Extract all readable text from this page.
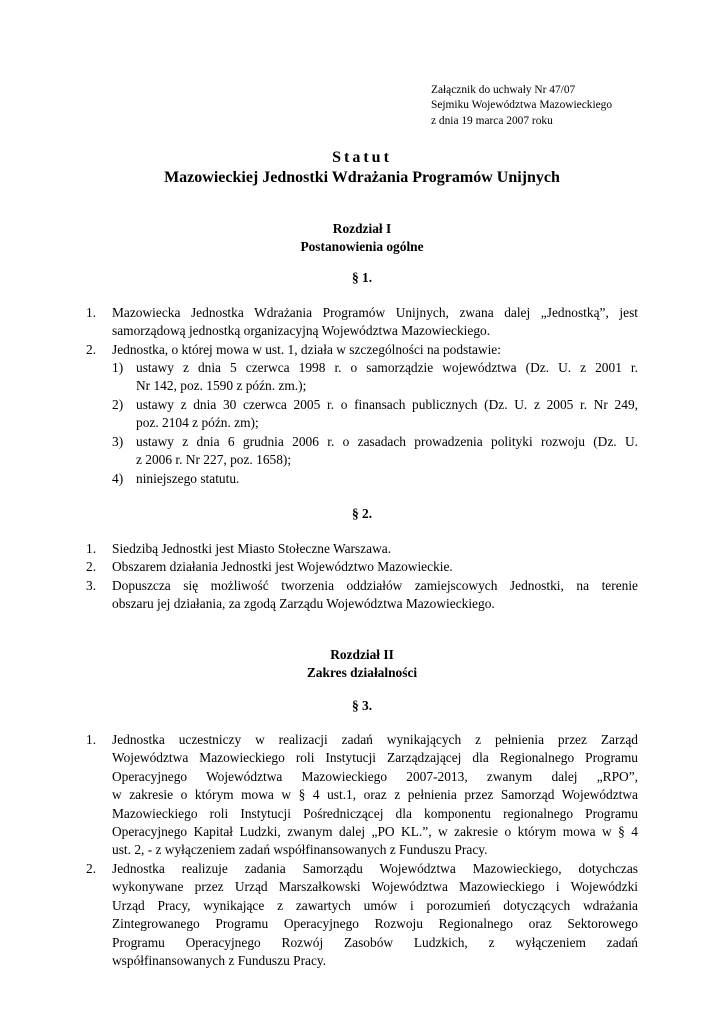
Załącznik do uchwały Nr 47/07
Sejmiku Województwa Mazowieckiego
z dnia 19 marca 2007 roku
Statut
Mazowieckiej Jednostki Wdrażania Programów Unijnych
Rozdział I
Postanowienia ogólne
§ 1.
1.	Mazowiecka Jednostka Wdrażania Programów Unijnych, zwana dalej „Jednostką”, jest
samorządową jednostką organizacyjną Województwa Mazowieckiego.
2.	Jednostka, o której mowa w ust. 1, działa w szczególności na podstawie:
1) ustawy z dnia 5 czerwca 1998 r. o samorządzie województwa (Dz. U. z 2001 r.
Nr 142, poz. 1590 z późn. zm.);
2) ustawy z dnia 30 czerwca 2005 r. o finansach publicznych (Dz. U. z 2005 r. Nr 249,
poz. 2104 z późn. zm);
3) ustawy z dnia 6 grudnia 2006 r. o zasadach prowadzenia polityki rozwoju (Dz. U.
z 2006 r. Nr 227, poz. 1658);
4) niniejszego statutu.
§ 2.
1.	Siedzibą Jednostki jest Miasto Stołeczne Warszawa.
2.	Obszarem działania Jednostki jest Województwo Mazowieckie.
3.	Dopuszcza się możliwość tworzenia oddziałów zamiejscowych Jednostki, na terenie
obszaru jej działania, za zgodą Zarządu Województwa Mazowieckiego.
Rozdział II
Zakres działalności
§ 3.
1.	Jednostka uczestniczy w realizacji zadań wynikających z pełnienia przez Zarząd
Województwa Mazowieckiego roli Instytucji Zarządzającej dla Regionalnego Programu
Operacyjnego Województwa Mazowieckiego 2007-2013, zwanym dalej „RPO”,
w zakresie o którym mowa w § 4 ust.1, oraz z pełnienia przez Samorząd Województwa
Mazowieckiego roli Instytucji Pośredniczącej dla komponentu regionalnego Programu
Operacyjnego Kapitał Ludzki, zwanym dalej „PO KL.”, w zakresie o którym mowa w § 4
ust. 2, - z wyłączeniem zadań współfinansowanych z Funduszu Pracy.
2.	Jednostka realizuje zadania Samorządu Województwa Mazowieckiego, dotychczas
wykonywane przez Urząd Marszałkowski Województwa Mazowieckiego i Wojewódzki
Urząd Pracy, wynikające z zawartych umów i porozumień dotyczących wdrażania
Zintegrowanego Programu Operacyjnego Rozwoju Regionalnego oraz Sektorowego
Programu Operacyjnego Rozwój Zasobów Ludzkich, z wyłączeniem zadań
współfinansowanych z Funduszu Pracy.
